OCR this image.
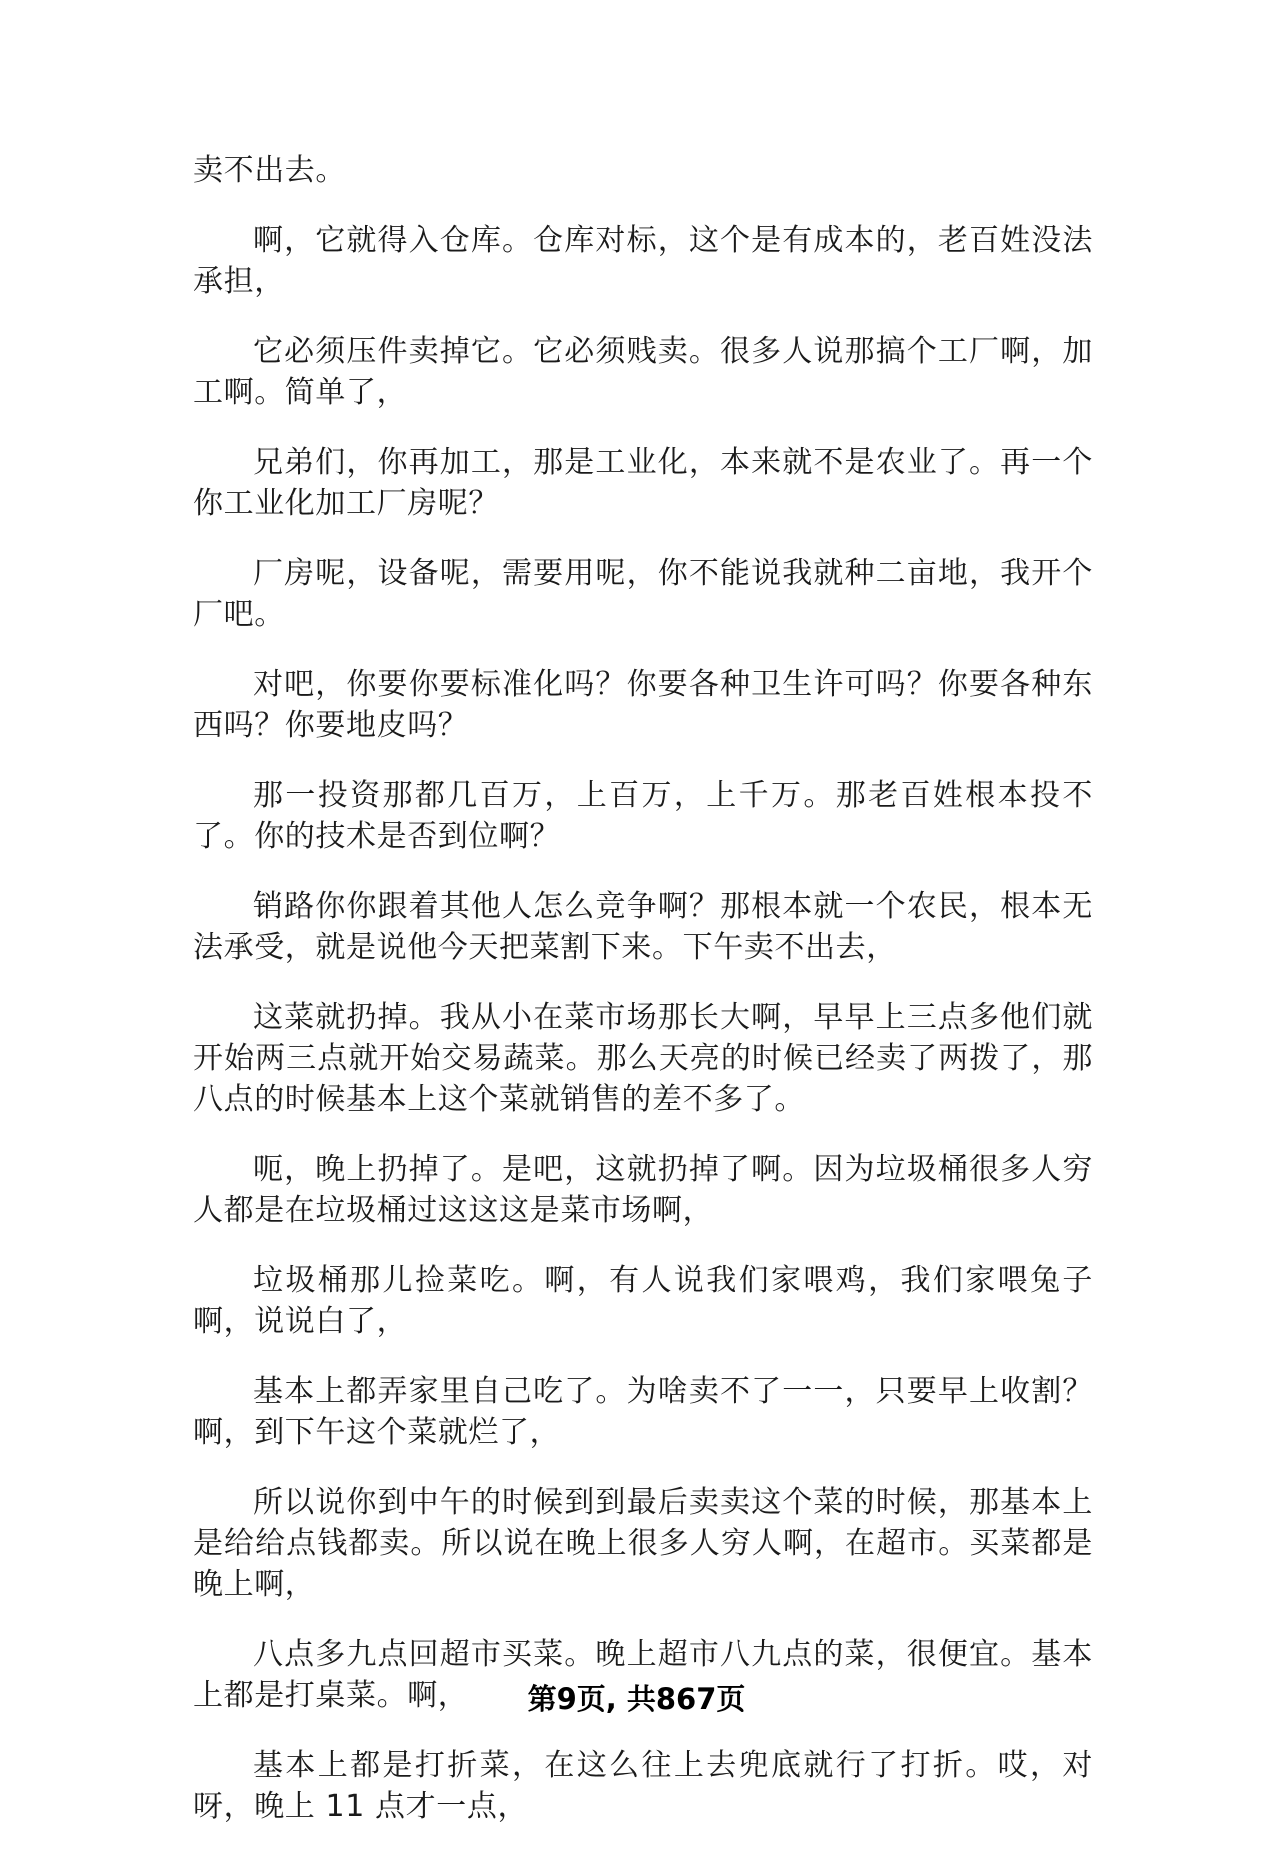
卖不出去。

啊，它就得入仓库。仓库对标，这个是有成本的，老百姓没法承担，

它必须压件卖掉它。它必须贱卖。很多人说那搞个工厂啊，加工啊。简单了，

兄弟们，你再加工，那是工业化，本来就不是农业了。再一个你工业化加工厂房呢？

厂房呢，设备呢，需要用呢，你不能说我就种二亩地，我开个厂吧。

对吧，你要你要标准化吗？你要各种卫生许可吗？你要各种东西吗？你要地皮吗？

那一投资那都几百万，上百万，上千万。那老百姓根本投不了。你的技术是否到位啊？

销路你你跟着其他人怎么竞争啊？那根本就一个农民，根本无法承受，就是说他今天把菜割下来。下午卖不出去，

这菜就扔掉。我从小在菜市场那长大啊，早早上三点多他们就开始两三点就开始交易蔬菜。那么天亮的时候已经卖了两拨了，那八点的时候基本上这个菜就销售的差不多了。

呃，晚上扔掉了。是吧，这就扔掉了啊。因为垃圾桶很多人穷人都是在垃圾桶过这这这是菜市场啊，

垃圾桶那儿捡菜吃。啊，有人说我们家喂鸡，我们家喂兔子啊，说说白了，

基本上都弄家里自己吃了。为啥卖不了一一，只要早上收割？啊，到下午这个菜就烂了，

所以说你到中午的时候到到最后卖卖这个菜的时候，那基本上是给给点钱都卖。所以说在晚上很多人穷人啊，在超市。买菜都是晚上啊，

八点多九点回超市买菜。晚上超市八九点的菜，很便宜。基本上都是打桌菜。啊，

基本上都是打折菜，在这么往上去兜底就行了打折。哎，对呀，晚上 11 点才一点，

第9页, 共867页
